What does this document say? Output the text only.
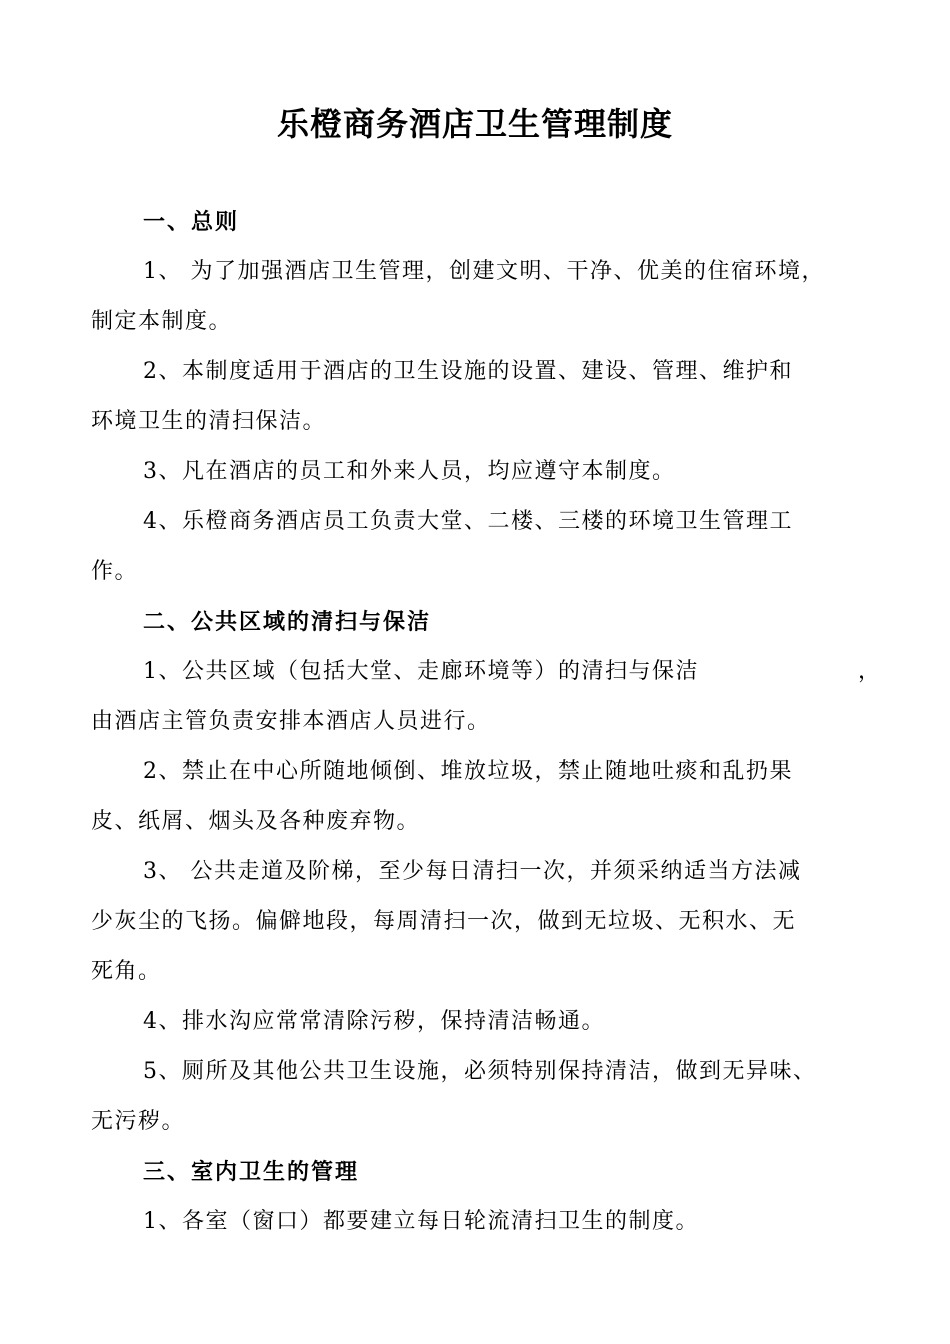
乐橙商务酒店卫生管理制度
一、总则
1、 为了加强酒店卫生管理，创建文明、干净、优美的住宿环境，
制定本制度。
2、本制度适用于酒店的卫生设施的设置、建设、管理、维护和
环境卫生的清扫保洁。
3、凡在酒店的员工和外来人员，均应遵守本制度。
4、乐橙商务酒店员工负责大堂、二楼、三楼的环境卫生管理工
作。
二、公共区域的清扫与保洁
1、公共区域（包括大堂、走廊环境等）的清扫与保洁	，
由酒店主管负责安排本酒店人员进行。
2、禁止在中心所随地倾倒、堆放垃圾，禁止随地吐痰和乱扔果
皮、纸屑、烟头及各种废弃物。
3、 公共走道及阶梯，至少每日清扫一次，并须采纳适当方法减
少灰尘的飞扬。偏僻地段，每周清扫一次，做到无垃圾、无积水、无
死角。
4、排水沟应常常清除污秽，保持清洁畅通。
5、厕所及其他公共卫生设施，必须特别保持清洁，做到无异味、
无污秽。
三、室内卫生的管理
1、各室（窗口）都要建立每日轮流清扫卫生的制度。
